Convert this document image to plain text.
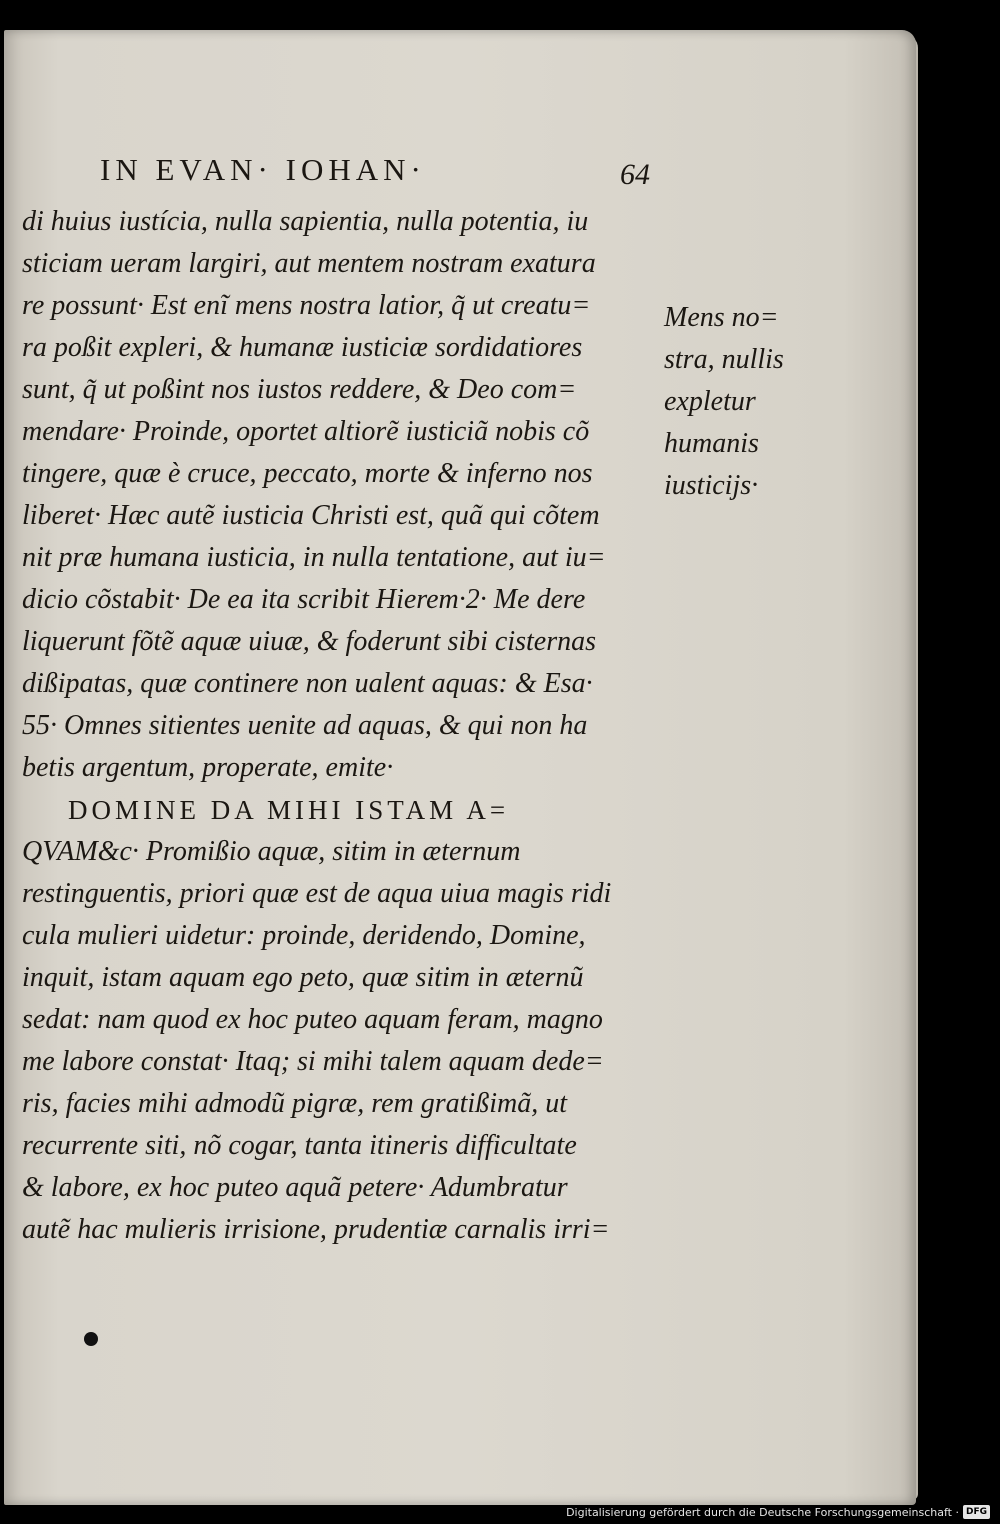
IN EVAN· IOHAN·	64
di huius iustícia, nulla sapientia, nulla potentia, iu
sticiam ueram largiri, aut mentem nostram exatura
re possunt· Est enĩ mens nostra latior, q̃ ut creatu=
ra poßit expleri, & humanæ iusticiæ sordidatiores
sunt, q̃ ut poßint nos iustos reddere, & Deo com=
mendare· Proinde, oportet altiorẽ iusticiã nobis cõ
tingere, quæ è cruce, peccato, morte & inferno nos
liberet· Hæc autẽ iusticia Christi est, quã qui cõtem
nit præ humana iusticia, in nulla tentatione, aut iu=
dicio cõstabit· De ea ita scribit Hierem·2· Me dere
liquerunt fõtẽ aquæ uiuæ, & foderunt sibi cisternas
dißipatas, quæ continere non ualent aquas: & Esa·
55· Omnes sitientes uenite ad aquas, & qui non ha
betis argentum, properate, emite·
DOMINE DA MIHI ISTAM A=
QVAM&c· Promißio aquæ, sitim in æternum
restinguentis, priori quæ est de aqua uiua magis ridi
cula mulieri uidetur: proinde, deridendo, Domine,
inquit, istam aquam ego peto, quæ sitim in æternũ
sedat: nam quod ex hoc puteo aquam feram, magno
me labore constat· Itaq; si mihi talem aquam dede=
ris, facies mihi admodũ pigræ, rem gratißimã, ut
recurrente siti, nõ cogar, tanta itineris difficultate
& labore, ex hoc puteo aquã petere· Adumbratur
autẽ hac mulieris irrisione, prudentiæ carnalis irri=
Mens no=
stra, nullis
expletur
humanis
iusticijs·
Digitalisierung gefördert durch die Deutsche Forschungsgemeinschaft · DFG
